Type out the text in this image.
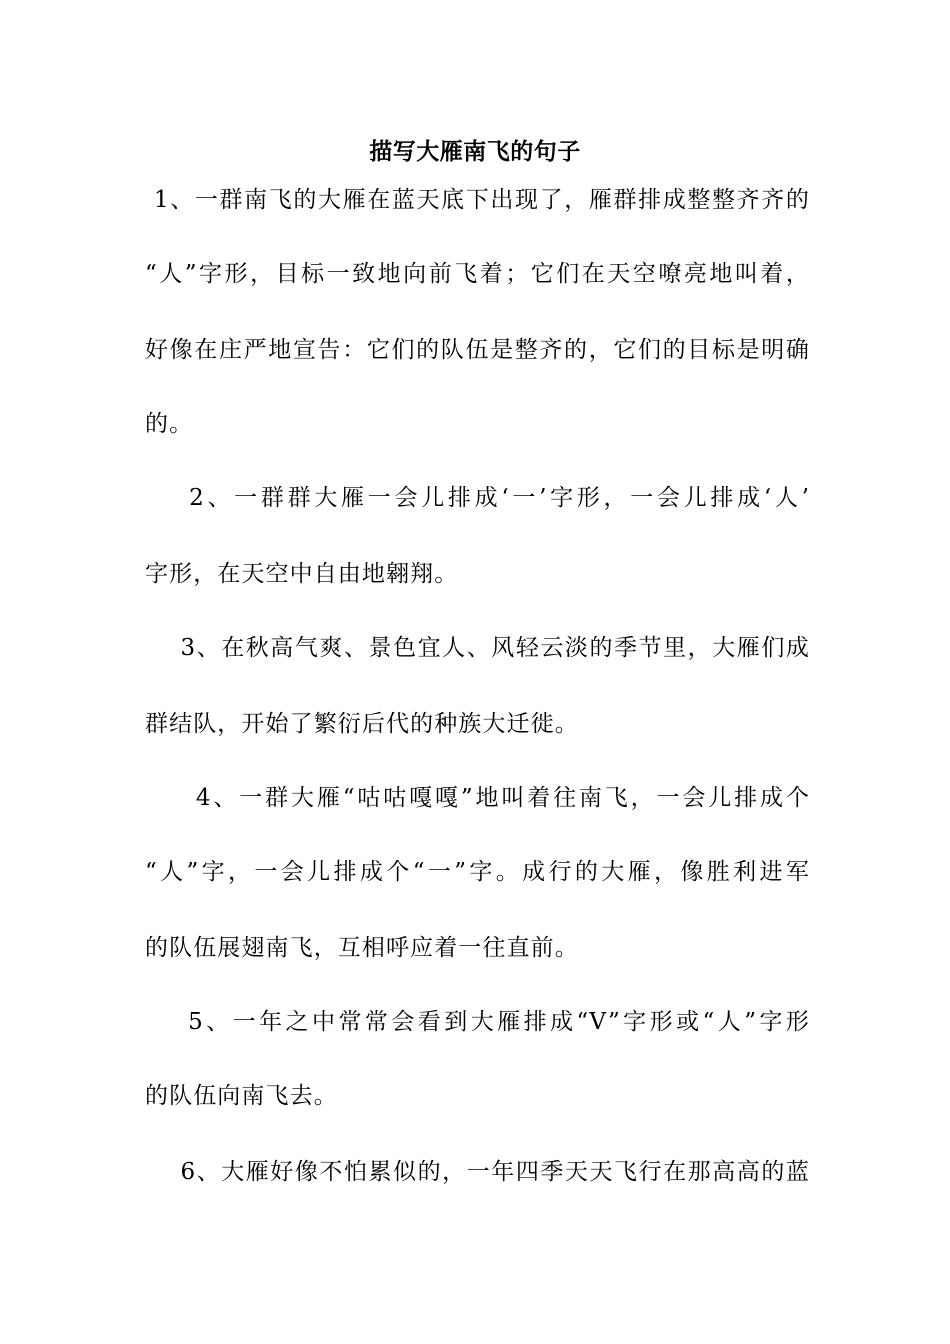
描写大雁南飞的句子
1、一群南飞的大雁在蓝天底下出现了，雁群排成整整齐齐的
“人”字形，目标一致地向前飞着；它们在天空嘹亮地叫着，
好像在庄严地宣告：它们的队伍是整齐的，它们的目标是明确
的。
2、一群群大雁一会儿排成‘一’字形，一会儿排成‘人’
字形，在天空中自由地翱翔。
3、在秋高气爽、景色宜人、风轻云淡的季节里，大雁们成
群结队，开始了繁衍后代的种族大迁徙。
4、一群大雁“咕咕嘎嘎”地叫着往南飞，一会儿排成个
“人”字，一会儿排成个“一”字。成行的大雁，像胜利进军
的队伍展翅南飞，互相呼应着一往直前。
5、一年之中常常会看到大雁排成“V”字形或“人”字形
的队伍向南飞去。
6、大雁好像不怕累似的，一年四季天天飞行在那高高的蓝
